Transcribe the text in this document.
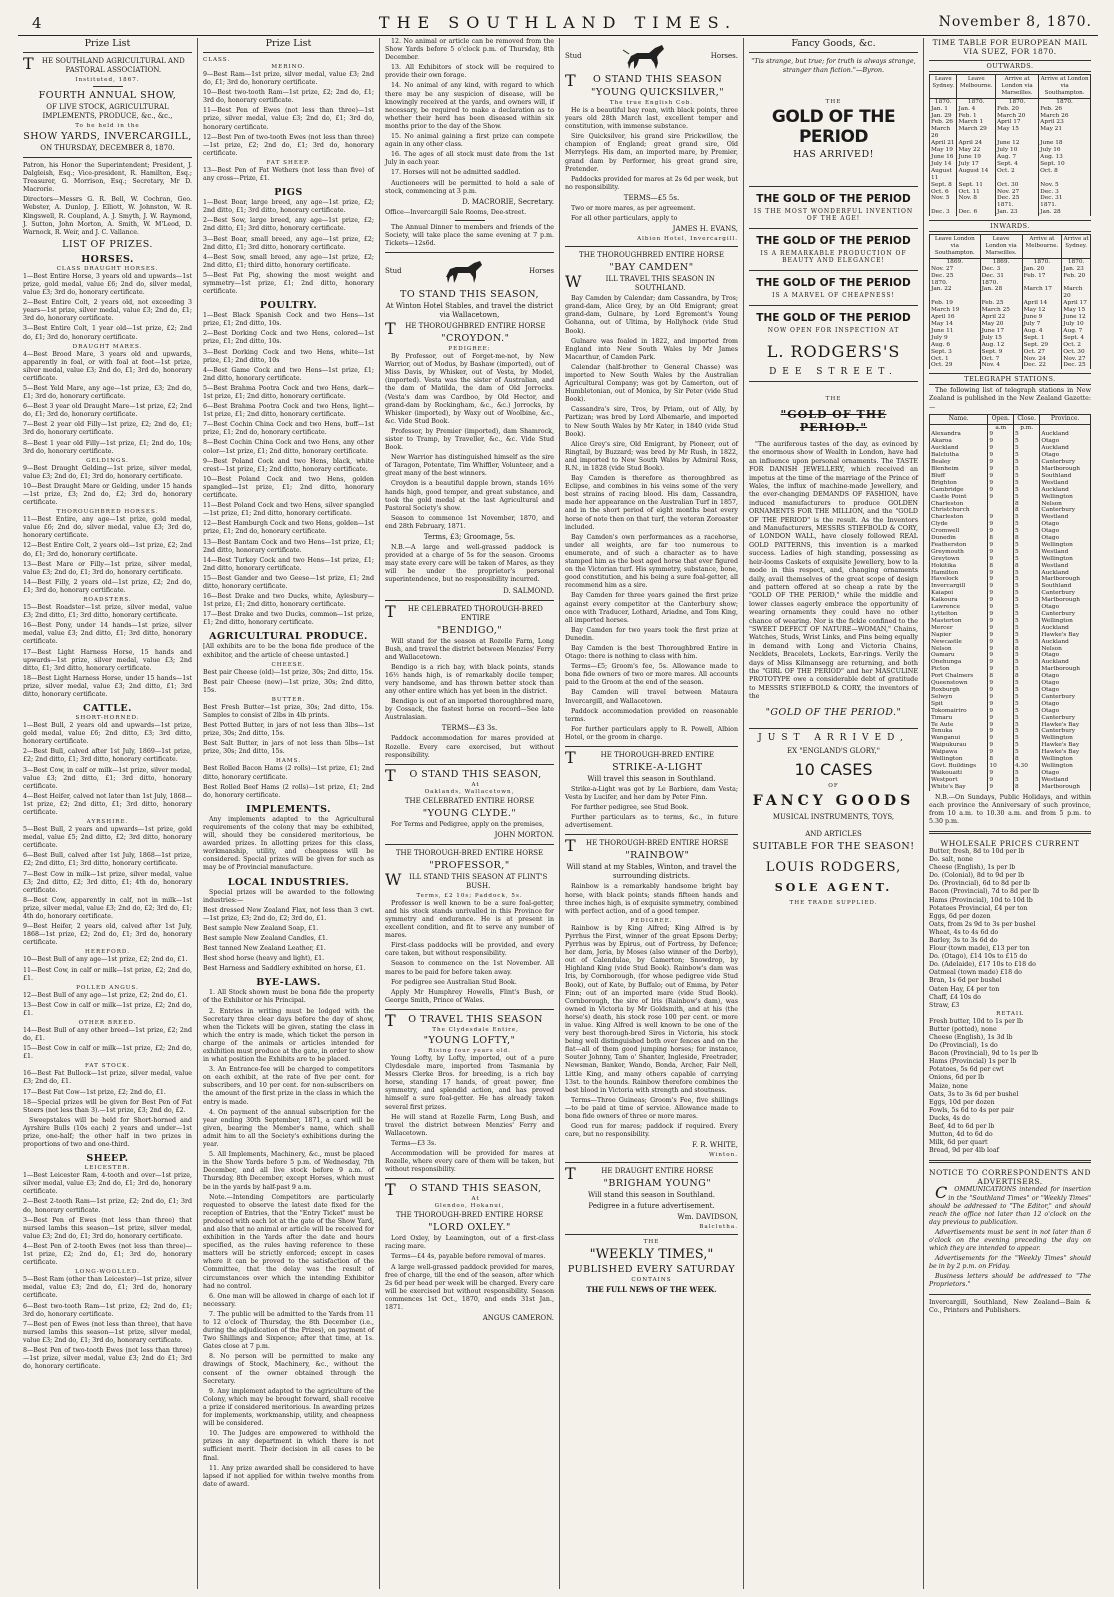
4	THE SOUTHLAND TIMES.	November 8, 1870.
Prize List
THE SOUTHLAND AGRICULTURAL AND PASTORAL ASSOCIATION.
Instituted, 1867.
FOURTH ANNUAL SHOW,
OF LIVE STOCK, AGRICULTURAL IMPLEMENTS, PRODUCE, &c., &c.,
To be held in the
SHOW YARDS, INVERCARGILL,
ON THURSDAY, DECEMBER 8, 1870.
Patron, his Honor the Superintendent; President, J. Dalgleish, Esq.; Vice-president, R. Hamilton, Esq.; Treasurer, G. Morrison, Esq.; Secretary, Mr D. Macrorie.
Directors—Messrs G. R. Bell, W. Cochran, Geo. Webster, A. Dunlop, J. Elliott, W. Johnston, W. R. Kingswell, R. Coupland, A. J. Smyth, J. W. Raymond, J. Sutton, John Morton, A. Smith, W. M'Leod, D. Warnock, R. Weir, and J. C. Vallance.
LIST OF PRIZES.
HORSES.
CLASS DRAUGHT HORSES.
1—Best Entire Horse, 3 years old and upwards—1st prize, gold medal, value £6; 2nd do, silver medal, value £3; 3rd do, honorary certificate.
2—Best Entire Colt, 2 years old, not exceeding 3 years—1st prize, silver medal, value £3; 2nd do, £1; 3rd do, honorary certificate.
3—Best Entire Colt, 1 year old—1st prize, £2; 2nd do, £1; 3rd do, honorary certificate.
DRAUGHT MARES.
4—Best Brood Mare, 3 years old and upwards, apparently in foal, or with foal at foot—1st prize, silver medal, value £3; 2nd do, £1; 3rd do, honorary certificate.
5—Best Yeld Mare, any age—1st prize, £3; 2nd do, £1; 3rd do, honorary certificate.
6—Best 3 year old Draught Mare—1st prize, £2; 2nd do, £1; 3rd do, honorary certificate.
7—Best 2 year old Filly—1st prize, £2; 2nd do, £1; 3rd do, honorary certificate.
8—Best 1 year old Filly—1st prize, £1; 2nd do, 10s; 3rd do, honorary certificate.
GELDINGS.
9—Best Draught Gelding—1st prize, silver medal, value £3; 2nd do, £1; 3rd do, honorary certificate.
10—Best Draught Mare or Gelding, under 15 hands—1st prize, £3; 2nd do, £2; 3rd do, honorary certificate.
THOROUGHBRED HORSES.
11—Best Entire, any age—1st prize, gold medal, value £6; 2nd do, silver medal, value £3; 3rd do, honorary certificate.
12—Best Entire Colt, 2 years old—1st prize, £2; 2nd do, £1; 3rd do, honorary certificate.
13—Best Mare or Filly—1st prize, silver medal, value £3; 2nd do, £1; 3rd do, honorary certificate.
14—Best Filly, 2 years old—1st prize, £2; 2nd do, £1; 3rd do, honorary certificate.
ROADSTERS.
15—Best Roadster—1st prize, silver medal, value £3; 2nd ditto, £1; 3rd ditto, honorary certificate.
16—Best Pony, under 14 hands—1st prize, silver medal, value £3; 2nd ditto, £1; 3rd ditto, honorary certificate.
17—Best Light Harness Horse, 15 hands and upwards—1st prize, silver medal, value £3; 2nd ditto, £1; 3rd ditto, honorary certificate.
18—Best Light Harness Horse, under 15 hands—1st prize, silver medal, value £3; 2nd ditto, £1; 3rd ditto, honorary certificate.
CATTLE.
SHORT-HORNED.
1—Best Bull, 2 years old and upwards—1st prize, gold medal, value £6; 2nd ditto, £3; 3rd ditto, honorary certificate.
2—Best Bull, calved after 1st July, 1869—1st prize, £2; 2nd ditto, £1; 3rd ditto, honorary certificate.
3—Best Cow, in calf or milk—1st prize, silver medal, value £3; 2nd ditto, £1; 3rd ditto, honorary certificate.
4—Best Heifer, calved not later than 1st July, 1868—1st prize, £2; 2nd ditto, £1; 3rd ditto, honorary certificate.
AYRSHIRE.
5—Best Bull, 2 years and upwards—1st prize, gold medal, value £5; 2nd ditto, £2; 3rd ditto, honorary certificate.
6—Best Bull, calved after 1st July, 1868—1st prize, £2; 2nd ditto, £1; 3rd ditto, honorary certificate.
7—Best Cow in milk—1st prize, silver medal, value £3; 2nd ditto, £2; 3rd ditto, £1; 4th do, honorary certificate.
8—Best Cow, apparently in calf, not in milk—1st prize, silver medal, value £3; 2nd do, £2; 3rd do, £1; 4th do, honorary certificate.
9—Best Heifer, 2 years old, calved after 1st July, 1868—1st prize, £2; 2nd do, £1; 3rd do, honorary certificate.
HEREFORD.
10—Best Bull of any age—1st prize, £2; 2nd do, £1.
11—Best Cow, in calf or milk—1st prize, £2; 2nd do, £1.
POLLED ANGUS.
12—Best Bull of any age—1st prize, £2; 2nd do, £1.
13—Best Cow in calf or milk—1st prize, £2; 2nd do, £1.
OTHER BREED.
14—Best Bull of any other breed—1st prize, £2; 2nd do, £1.
15—Best Cow in calf or milk—1st prize, £2; 2nd do, £1.
FAT STOCK.
16—Best Fat Bullock—1st prize, silver medal, value £3; 2nd do, £1.
17—Best Fat Cow—1st prize, £2; 2nd do, £1.
18—Special prizes will be given for Best Pen of Fat Steers (not less than 3).—1st prize, £3; 2nd do, £2.
Sweepstakes will be held for Short-horned and Ayrshire Bulls (10s each) 2 years and under—1st prize, one-half; the other half in two prizes in proportions of two and one-third.
SHEEP.
LEICESTER.
1—Best Leicester Ram, 4-tooth and over—1st prize, silver medal, value £3; 2nd do, £1; 3rd do, honorary certificate.
2—Best 2-tooth Ram—1st prize, £2; 2nd do, £1; 3rd do, honorary certificate.
3—Best Pen of Ewes (not less than three) that nursed lambs this season—1st prize, silver medal, value £3; 2nd do, £1; 3rd do, honorary certificate.
4—Best Pen of 2-tooth Ewes (not less than three)—1st prize, £2; 2nd do, £1; 3rd do, honorary certificate.
LONG-WOOLLED.
5—Best Ram (other than Leicester)—1st prize, silver medal, value £3; 2nd do, £1; 3rd do, honorary certificate.
6—Best two-tooth Ram—1st prize, £2; 2nd do, £1; 3rd do, honorary certificate.
7—Best pen of Ewes (not less than three), that have nursed lambs this season—1st prize, silver medal, value £3; 2nd do, £1; 3rd do, honorary certificate.
8—Best Pen of two-tooth Ewes (not less than three)—1st prize, silver medal, value £3; 2nd do £1; 3rd do, honorary certificate.
Prize List
CLASS.
MERINO.
9—Best Ram—1st prize, silver medal, value £3; 2nd do, £1; 3rd do, honorary certificate.
10—Best two-tooth Ram—1st prize, £2; 2nd do, £1; 3rd do, honorary certificate.
11—Best Pen of Ewes (not less than three)—1st prize, silver medal, value £3; 2nd do, £1; 3rd do, honorary certificate.
12—Best Pen of two-tooth Ewes (not less than three)—1st prize, £2; 2nd do, £1; 3rd do, honorary certificate.
FAT SHEEP.
13—Best Pen of Fat Wethers (not less than five) of any cross—Prize, £1.
PIGS
1—Best Boar, large breed, any age—1st prize, £2; 2nd ditto, £1; 3rd ditto, honorary certificate.
2—Best Sow, large breed, any age—1st prize, £2; 2nd ditto, £1; 3rd ditto, honorary certificate.
3—Best Boar, small breed, any age—1st prize, £2; 2nd ditto, £1; 3rd ditto, honorary certificate.
4—Best Sow, small breed, any age—1st prize, £2; 2nd ditto, £1; third ditto, honorary certificate.
5—Best Fat Pig, showing the most weight and symmetry—1st prize, £1; 2nd ditto, honorary certificate.
POULTRY.
1—Best Black Spanish Cock and two Hens—1st prize, £1; 2nd ditto, 10s.
2—Best Dorking Cock and two Hens, colored—1st prize, £1; 2nd ditto, 10s.
3—Best Dorking Cock and two Hens, white—1st prize, £1; 2nd ditto, 10s
4—Best Game Cock and two Hens—1st prize, £1; 2nd ditto, honorary certificate.
5—Best Brahma Pootra Cock and two Hens, dark—1st prize, £1; 2nd ditto, honorary certificate.
6—Best Brahma Pootra Cock and two Hens, light—1st prize, £1; 2nd ditto, honorary certificate.
7—Best Cochin China Cock and two Hens, buff—1st prize, £1; 2nd do, honorary certificate.
8—Best Cochin China Cock and two Hens, any other color—1st prize, £1; 2nd ditto, honorary certificate.
9—Best Poland Cock and two Hens, black, white crest—1st prize, £1; 2nd ditto, honorary certificate.
10—Best Poland Cock and two Hens, golden spangled—1st prize, £1; 2nd ditto, honorary certificate.
11—Best Poland Cock and two Hens, silver spangled—1st prize, £1; 2nd ditto, honorary certificate.
12—Best Hamburgh Cock and two Hens, golden—1st prize, £1; 2nd do, honorary certificate.
13—Best Bantam Cock and two Hens—1st prize, £1; 2nd ditto, honorary certificate.
14—Best Turkey Cock and two Hens—1st prize, £1; 2nd ditto, honorary certificate.
15—Best Gander and two Geese—1st prize, £1; 2nd ditto, honorary certificate.
16—Best Drake and two Ducks, white, Aylesbury—1st prize, £1; 2nd ditto, honorary certificate.
17—Best Drake and two Ducks, common—1st prize, £1; 2nd ditto, honorary certificate.
AGRICULTURAL PRODUCE.
[All exhibits are to be the bona fide produce of the exhibitor, and the article of cheese untasted.]
CHEESE.
Best pair Cheese (old)—1st prize, 30s; 2nd ditto, 15s.
Best pair Cheese (new)—1st prize, 30s; 2nd ditto, 15s.
BUTTER.
Best Fresh Butter—1st prize, 30s; 2nd ditto, 15s. Samples to consist of 2lbs in 4lb prints.
Best Potted Butter, in jars of not less than 3lbs—1st prize, 30s; 2nd ditto, 15s.
Best Salt Butter, in jars of not less than 5lbs—1st prize, 30s; 2nd ditto, 15s.
HAMS.
Best Rolled Bacon Hams (2 rolls)—1st prize, £1; 2nd ditto, honorary certificate.
Best Rolled Beef Hams (2 rolls)—1st prize, £1; 2nd do, honorary certificate.
IMPLEMENTS.
Any implements adapted to the Agricultural requirements of the colony that may be exhibited, will, should they be considered meritorious, be awarded prizes. In allotting prizes for this class, workmanship, utility, and cheapness will be considered. Special prizes will be given for such as may be of Provincial manufacture.
LOCAL INDUSTRIES.
Special prizes will be awarded to the following industries:—
Best dressed New Zealand Flax, not less than 3 cwt.—1st prize, £3; 2nd do, £2; 3rd do, £1.
Best sample New Zealand Soap, £1.
Best sample New Zealand Candles, £1.
Best tanned New Zealand Leather, £1.
Best shod horse (heavy and light), £1.
Best Harness and Saddlery exhibited on horse, £1.
BYE-LAWS.
1. All Stock shown must be bona fide the property of the Exhibitor or his Principal.
2. Entries in writing must be lodged with the Secretary three clear days before the day of show, when the Tickets will be given, stating the class in which the entry is made, which ticket the person in charge of the animals or articles intended for exhibition must produce at the gate, in order to show in what position the Exhibits are to be placed.
3. An Entrance-fee will be charged to competitors on each exhibit, at the rate of five per cent. for subscribers, and 10 per cent. for non-subscribers on the amount of the first prize in the class in which the entry is made.
4. On payment of the annual subscription for the year ending 30th September, 1871, a card will be given, bearing the Member's name, which shall admit him to all the Society's exhibitions during the year.
5. All Implements, Machinery, &c., must be placed in the Show Yards before 5 p.m. of Wednesday, 7th December, and all live stock before 9 a.m. of Thursday, 8th December, except Horses, which must be in the yards by half-past 9 a.m.
Note.—Intending Competitors are particularly requested to observe the latest date fixed for the reception of Entries, that the "Entry Ticket" must be produced with each lot at the gate of the Show Yard, and also that no animal or article will be received for exhibition in the Yards after the date and hours specified, as the rules having reference to these matters will be strictly enforced; except in cases where it can be proved to the satisfaction of the Committee, that the delay was the result of circumstances over which the intending Exhibitor had no control.
6. One man will be allowed in charge of each lot if necessary.
7. The public will be admitted to the Yards from 11 to 12 o'clock of Thursday, the 8th December (i.e., during the adjudication of the Prizes), on payment of Two Shillings and Sixpence; after that time, at 1s. Gates close at 7 p.m.
8. No person will be permitted to make any drawings of Stock, Machinery, &c., without the consent of the owner obtained through the Secretary.
9. Any implement adapted to the agriculture of the Colony, which may be brought forward, shall receive a prize if considered meritorious. In awarding prizes for implements, workmanship, utility, and cheapness will be considered.
10. The Judges are empowered to withhold the prizes in any department in which there is not sufficient merit. Their decision in all cases to be final.
11. Any prize awarded shall be considered to have lapsed if not applied for within twelve months from date of award.
12. No animal or article can be removed from the Show Yards before 5 o'clock p.m. of Thursday, 8th December.
13. All Exhibitors of stock will be required to provide their own forage.
14. No animal of any kind, with regard to which there may be any suspicion of disease, will be knowingly received at the yards, and owners will, if necessary, be required to make a declaration as to whether their herd has been diseased within six months prior to the day of the Show.
15. No animal gaining a first prize can compete again in any other class.
16. The ages of all stock must date from the 1st July in each year.
17. Horses will not be admitted saddled.
Auctioneers will be permitted to hold a sale of stock, commencing at 3 p.m.
D. MACRORIE, Secretary.
Office—Invercargill Sale Rooms, Dee-street.
The Annual Dinner to members and friends of the Society, will take place the same evening at 7 p.m. Tickets—12s6d.
Stud	Horses
TO STAND THIS SEASON,
At Winton Hotel Stables, and travel the district via Wallacetown,
THE THOROUGHBRED ENTIRE HORSE
"CROYDON."
PEDIGREE:
By Professor, out of Forget-me-not, by New Warrior, out of Modus, by Bashaw (imported), out of Miss Davis, by Whisker, out of Vesta, by Model, (imported). Vesta was the sister of Australian, and the dam of Matilda, the dam of Old Jorrocks. (Vesta's dam was Cardboo, by Old Hector, and grand-dam by Rockingham, &c., &c.) Jorrocks, by Whisker (imported), by Waxy out of Woolbine, &c., &c. Vide Stud Book.
Professor, by Premier (imported), dam Shamrock, sister to Tramp, by Traveller, &c., &c. Vide Stud Book.
New Warrior has distinguished himself as the sire of Taragon, Potentate, Tim Whiffler, Volunteer, and a great many of the best winners.
Croydon is a beautiful dapple brown, stands 16½ hands high, good temper, and great substance, and took the gold medal at the last Agricultural and Pastoral Society's show.
Season to commence 1st November, 1870, and end 28th February, 1871.
Terms, £3; Groomage, 5s.
N.B.—A large and well-grassed paddock is provided at a charge of 5s for the season. Grooms may state every care will be taken of Mares, as they will be under the proprietor's personal superintendence, but no responsibility incurred.
D. SALMOND.
THE CELEBRATED THOROUGH-BRED ENTIRE
"BENDIGO,"
Will stand for the season at Rozelle Farm, Long Bush, and travel the district between Menzies' Ferry and Wallacetown.
Bendigo is a rich bay, with black points, stands 16½ hands high, is of remarkably docile temper, very handsome, and has thrown better stock than any other entire which has yet been in the district.
Bendigo is out of an imported thoroughbred mare, by Cossack, the fastest horse on record—See late Australasian.
TERMS—£3 3s.
Paddock accommodation for mares provided at Rozelle. Every care exercised, but without responsibility.
TO STAND THIS SEASON,
At
Oaklands, Wallacetown,
THE CELEBRATED ENTIRE HORSE
"YOUNG CLYDE."
For Terms and Pedigree, apply on the premises,
JOHN MORTON.
THE THOROUGH-BRED ENTIRE HORSE
"PROFESSOR,"
WILL STAND THIS SEASON AT FLINT'S BUSH.
Terms, £2 10s; Paddock, 5s.
Professor is well known to be a sure foal-getter, and his stock stands unrivalled in this Province for symmetry and endurance. He is at present in excellent condition, and fit to serve any number of mares.
First-class paddocks will be provided, and every care taken, but without responsibility.
Season to commence on the 1st November. All mares to be paid for before taken away.
For pedigree see Australian Stud Book.
Apply Mr Humphrey Howells, Flint's Bush, or George Smith, Prince of Wales.
TO TRAVEL THIS SEASON
The Clydesdale Entire,
"YOUNG LOFTY,"
Rising four years old.
Young Lofty, by Lofty, imported, out of a pure Clydesdale mare, imported from Tasmania by Messrs Clerke Bros. for breeding, is a rich bay horse, standing 17 hands, of great power, fine symmetry, and splendid action, and has proved himself a sure foal-getter. He has already taken several first prizes.
He will stand at Rozelle Farm, Long Bush, and travel the district between Menzies' Ferry and Wallacetown.
Terms—£3 3s.
Accommodation will be provided for mares at Rozelle, where every care of them will be taken, but without responsibility.
TO STAND THIS SEASON,
At
Glendoo, Hokanui,
THE THOROUGH-BRED ENTIRE HORSE
"LORD OXLEY."
Lord Oxley, by Leamington, out of a first-class racing mare.
Terms—£4 4s, payable before removal of mares.
A large well-grassed paddock provided for mares, free of charge, till the end of the season, after which 2s 6d per head per week will be charged. Every care will be exercised but without responsibility. Season commences 1st Oct., 1870, and ends 31st Jan., 1871.
ANGUS CAMERON.
Stud	Horses.
TO STAND THIS SEASON
"YOUNG QUICKSILVER,"
The true English Cob.
He is a beautiful bay roan, with black points, three years old 28th March last, excellent temper and constitution, with immense substance.
Sire Quicksilver, his grand sire Prickwillow, the champion of England; great grand sire, Old Merrylegs. His dam, an imported mare, by Premier, grand dam by Performer, his great grand sire, Pretender.
Paddocks provided for mares at 2s 6d per week, but no responsibility.
TERMS—£5 5s.
Two or more mares, as per agreement.
For all other particulars, apply to
JAMES H. EVANS,
Albion Hotel, Invercargill.
THE THOROUGHBRED ENTIRE HORSE
"BAY CAMDEN"
WILL TRAVEL THIS SEASON IN SOUTHLAND.
Bay Camden by Calendar; dam Cassandra, by Tros; grand-dam, Alice Grey, by an Old Emigrant; great grand-dam, Gulnare, by Lord Egremont's Young Gohanna, out of Ultima, by Hollyhock (vide Stud Book).
Gulnare was foaled in 1822, and imported from England into New South Wales by Mr James Macarthur, of Camden Park.
Calendar (half-brother to General Chasse) was imported to New South Wales by the Australian Agricultural Company; was got by Camerton, out of Humbletonian, out of Monica, by Sir Peter (vide Stud Book).
Cassandra's sire, Tros, by Priam, out of Ally, by Partizan; was bred by Lord Albemarle, and imported to New South Wales by Mr Kater, in 1840 (vide Stud Book).
Alice Grey's sire, Old Emigrant, by Pioneer, out of Ringtail, by Buzzard; was bred by Mr Rush, in 1822, and imported to New South Wales by Admiral Ross, R.N., in 1828 (vide Stud Book).
Bay Camden is therefore as thoroughbred as Eclipse, and combines in his veins some of the very best strains of racing blood. His dam, Cassandra, made her appearance on the Australian Turf in 1857, and in the short period of eight months beat every horse of note then on that turf, the veteran Zoroaster included.
Bay Camden's own performances as a racehorse, under all weights, are far too numerous to enumerate, and of such a character as to have stamped him as the best aged horse that ever figured on the Victorian turf. His symmetry, substance, bone, good constitution, and his being a sure foal-getter, all recommend him as a sire.
Bay Camden for three years gained the first prize against every competitor at the Canterbury show; once with Traducer, Lothard, Ariadne, and Tom King, all imported horses.
Bay Camden for two years took the first prize at Dunedin.
Bay Camden is the best Thoroughbred Entire in Otago: there is nothing to class with him.
Terms—£5; Groom's fee, 5s. Allowance made to bona fide owners of two or more mares. All accounts paid to the Groom at the end of the season.
Bay Camden will travel between Mataura Invercargill, and Wallacetown.
Paddock accommodation provided on reasonable terms.
For further particulars apply to R. Powell, Albion Hotel, or the groom in charge.
THE THOROUGH-BRED ENTIRE
STRIKE-A-LIGHT
Will travel this season in Southland.
Strike-a-Light was got by Le Barbiere, dam Vesta; Vesta by Lucifer, and her dam by Peter Finn.
For further pedigree, see Stud Book.
Further particulars as to terms, &c., in future advertisement.
THE THOROUGH-BRED ENTIRE HORSE
"RAINBOW"
Will stand at my Stables, Winton, and travel the surrounding districts.
Rainbow is a remarkably handsome bright bay horse, with black points; stands fifteen hands and three inches high, is of exquisite symmetry, combined with perfect action, and of a good temper.
PEDIGREE.
Rainbow is by King Alfred; King Alfred is by Pyrrhus the First, winner of the great Epsom Derby; Pyrrhus was by Epirus, out of Fortress, by Defence; her dam, Jeria, by Moses (also winner of the Derby), out of Calendulae, by Camerton; Snowdrop, by Highland King (vide Stud Book). Rainbow's dam was Iris, by Cornborough, (for whose pedigree vide Stud Book), out of Kate, by Buffalo; out of Emma, by Peter Finn; out of an imported mare (vide Stud Book). Cornborough, the sire of Iris (Rainbow's dam), was owned in Victoria by Mr Goldsmith, and at his (the horse's) death, his stock rose 100 per cent. or more in value. King Alfred is well known to be one of the very best thorough-bred Sires in Victoria, his stock being well distinguished both over fences and on the flat—all of them good jumping horses; for instance, Souter Johnny, Tam o' Shanter, Ingleside, Freetrader, Newsman, Banker, Wando, Bonda, Archer, Fair Nell, Little King, and many others capable of carrying 13st. to the hounds. Rainbow therefore combines the best blood in Victoria with strength and stoutness.
Terms—Three Guineas; Groom's Fee, five shillings—to be paid at time of service. Allowance made to bona fide owners of three or more mares.
Good run for mares; paddock if required. Every care, but no responsibility.
F. R. WHITE,
Winton.
THE DRAUGHT ENTIRE HORSE
"BRIGHAM YOUNG"
Will stand this season in Southland.
Pedigree in a future advertisement.
Wm. DAVIDSON,
Balclutha.
THE
"WEEKLY TIMES,"
PUBLISHED EVERY SATURDAY
CONTAINS
THE FULL NEWS OF THE WEEK.
Fancy Goods, &c.
"Tis strange, but true; for truth is always strange, stranger than fiction."—Byron.
THE
GOLD OF THE PERIOD
HAS ARRIVED!
THE GOLD OF THE PERIOD
IS THE MOST WONDERFUL INVENTION OF THE AGE!
THE GOLD OF THE PERIOD
IS A REMARKABLE PRODUCTION OF BEAUTY AND ELEGANCE!
THE GOLD OF THE PERIOD
IS A MARVEL OF CHEAPNESS!
THE GOLD OF THE PERIOD
NOW OPEN FOR INSPECTION AT
L. RODGERS'S
DEE STREET.
THE
"GOLD OF THE PERIOD."
"The auriferous tastes of the day, as evinced by the enormous show of Wealth in London, have had an influence upon personal ornaments. The TASTE FOR DANISH JEWELLERY, which received an impetus at the time of the marriage of the Prince of Wales, the influx of machine-made Jewellery, and the ever-changing DEMANDS OF FASHION, have induced manufacturers to produce GOLDEN ORNAMENTS FOR THE MILLION, and the "GOLD OF THE PERIOD" is the result. As the Inventors and Manufacturers, MESSRS STIEFBOLD & CORY, of LONDON WALL, have closely followed REAL GOLD PATTERNS, this invention is a marked success. Ladies of high standing, possessing as heir-looms Caskets of exquisite Jewellery, bow to la mode in this respect, and, changing ornaments daily, avail themselves of the great scope of design and pattern offered at so cheap a rate by the "GOLD OF THE PERIOD," while the middle and lower classes eagerly embrace the opportunity of wearing ornaments they could have no other chance of wearing. Nor is the fickle confined to the "SWEET DEFECT OF NATURE—WOMAN," Chains, Watches, Studs, Wrist Links, and Pins being equally in demand with Long and Victoria Chains, Necklets, Bracelets, Lockets, Ear-rings. Verily the days of Miss Kilmansegg are returning, and both the "GIRL OF THE PERIOD" and her MASCULINE PROTOTYPE owe a considerable debt of gratitude to MESSRS STIEFBOLD & CORY, the inventors of the
"GOLD OF THE PERIOD."
JUST ARRIVED,
EX "ENGLAND'S GLORY,"
10 CASES
OF
FANCY GOODS
MUSICAL INSTRUMENTS, TOYS,
AND ARTICLES
SUITABLE FOR THE SEASON!
LOUIS RODGERS,
SOLE AGENT.
THE TRADE SUPPLIED.
TIME TABLE FOR EUROPEAN MAIL VIA SUEZ, FOR 1870.
OUTWARDS.
Leave Sydney.	Leave Melbourne.	Arrive at London via Marseilles.	Arrive at London via Southampton.
1870.	1870.	1870.	1870.
Jan. 1	Jan. 4	Feb. 20	Feb. 26
Jan. 29	Feb. 1	March 20	March 26
Feb. 26	March 1	April 17	April 23
March 26	March 29	May 15	May 21
April 21	April 24	June 12	June 18
May 19	May 22	July 10	July 16
June 16	June 19	Aug. 7	Aug. 13
July 14	July 17	Sept. 4	Sept. 10
August 11	August 14	Oct. 2	Oct. 8
Sept. 8	Sept. 11	Oct. 30	Nov. 5
Oct. 6	Oct. 11	Nov. 27	Dec. 3
Nov. 5	Nov. 8	Dec. 25	Dec. 31
		1871.	1871.
Dec. 3	Dec. 6	Jan. 23	Jan. 28
INWARDS.
Leave London via Southampton.	Leave London via Marseilles.	Arrive at Melbourne.	Arrive at Sydney.
1869.	1869.	1870.	1870.
Nov. 27	Dec. 3	Jan. 20	Jan. 23
Dec. 25	Dec. 31	Feb. 17	Feb. 20
1870.	1870.		
Jan. 22	Jan. 28	March 17	March 20
Feb. 19	Feb. 25	April 14	April 17
March 19	March 25	May 12	May 15
April 16	April 22	June 9	June 12
May 14	May 20	July 7	July 10
June 11	June 17	Aug. 4	Aug. 7
July 9	July 15	Sept. 1	Sept. 4
Aug. 6	Aug. 12	Sept. 29	Oct. 2
Sept. 3	Sept. 9	Oct. 27	Oct. 30
Oct. 1	Oct. 7	Nov. 24	Nov. 27
Oct. 29	Nov. 4	Dec. 22	Dec. 25
TELEGRAPH STATIONS.
The following list of telegraph stations in New Zealand is published in the New Zealand Gazette:—
Name.	Open.	Close.	Province.
	a.m	p.m.	
Alexandra	9	5	Auckland
Akaroa	9	5	Otago
Auckland	9	5	Auckland
Balclutha	9	5	Otago
Bealey	9	5	Canterbury
Blenheim	9	5	Marlborough
Bluff	9	5	Southland
Brighton	9	5	Westland
Cambridge	9	5	Auckland
Castle Point	9	5	Wellington
Charleston		8	Nelson
Christchurch		8	Canterbury
Charleston	9	5	Westland
Clyde	9	5	Otago
Cromwell	9	5	Otago
Dunedin	8	8	Otago
Featherston	9	5	Wellington
Greymouth	9	5	Westland
Greytown	9	5	Wellington
Hokitika	8	8	Westland
Hamilton	9	5	Auckland
Havelock	9	5	Marlborough
Invercargill	9	5	Southland
Kaiapoi	9	5	Canterbury
Kaikoura	9	5	Marlborough
Lawrence	9	5	Otago
Lyttelton	9	5	Canterbury
Masterton	9	5	Wellington
Mercer	9	5	Auckland
Napier	9	5	Hawke's Bay
Newcastle	9	5	Auckland
Nelson	9	8	Nelson
Oamaru	9	5	Otago
Onehunga	9	5	Auckland
Picton	9	5	Marlborough
Port Chalmers	8	8	Otago
Queenstown	9	5	Otago
Roxburgh	9	5	Otago
Selwyn	9	5	Canterbury
Spit	9	5	Otago
Tokomairiro	9	5	Otago
Timaru	9	5	Canterbury
Te Aute	9	5	Hawke's Bay
Tenuka	9	5	Canterbury
Wanganui	9	5	Wellington
Waipukurau	9	5	Hawke's Bay
Waipawa	9	5	Hawke's Bay
Wellington	8	8	Wellington
Govt. Buildings	10	4.30	Wellington
Waikouaiti	9	5	Otago
Westport	9	5	Westland
White's Bay	9	8	Marlborough
N.B.—On Sundays, Public Holidays, and within each province the Anniversary of such province, from 10 a.m. to 10.30 a.m. and from 5 p.m. to 5.30 p.m.
WHOLESALE PRICES CURRENT
Butter, fresh, 8d to 10d per lb
Do. salt, none
Cheese (English), 1s per lb
Do. (Colonial), 8d to 9d per lb
Do. (Provincial), 6d to 8d per lb
Bacon (Provincial), 7d to 8d per lb
Hams (Provincial), 10d to 10d lb
Potatoes Provincial, £4 per ton
Eggs, 6d per dozen
Oats, from 2s 9d to 3s per bushel
Wheat, 4s to 4s 6d do
Barley, 3s to 3s 6d do
Flour (town made), £13 per ton
Do. (Otago), £14 10s to £15 do
Do. (Adelaide), £17 10s to £18 do
Oatmeal (town made) £18 do
Bran, 1s 6d per bushel
Oaten Hay, £4 per ton
Chaff, £4 10s do
Straw, £3
RETAIL
Fresh butter, 10d to 1s per lb
Butter (potted), none
Cheese (English), 1s 3d lb
Do (Provincial), 1s do
Bacon (Provincial), 9d to 1s per lb
Hams (Provincial) 1s per lb
Potatoes, 5s 6d per cwt
Onions, 6d per lb
Maize, none
Oats, 3s to 3s 6d per bushel
Eggs, 10d per dozen
Fowls, 5s 6d to 4s per pair
Ducks, 4s do
Beef, 4d to 6d per lb
Mutton, 4d to 6d do
Milk, 6d per quart
Bread, 9d per 4lb loaf
NOTICE TO CORRESPONDENTS AND ADVERTISERS.
COMMUNICATIONS intended for insertion in the "Southland Times" or "Weekly Times" should be addressed to "The Editor," and should reach the office not later than 12 o'clock on the day previous to publication.
Advertisements must be sent in not later than 6 o'clock on the evening preceding the day on which they are intended to appear.
Advertisements for the "Weekly Times" should be in by 2 p.m. on Friday.
Business letters should be addressed to "The Proprietors."
Invercargill, Southland, New Zealand—Bain & Co., Printers and Publishers.
